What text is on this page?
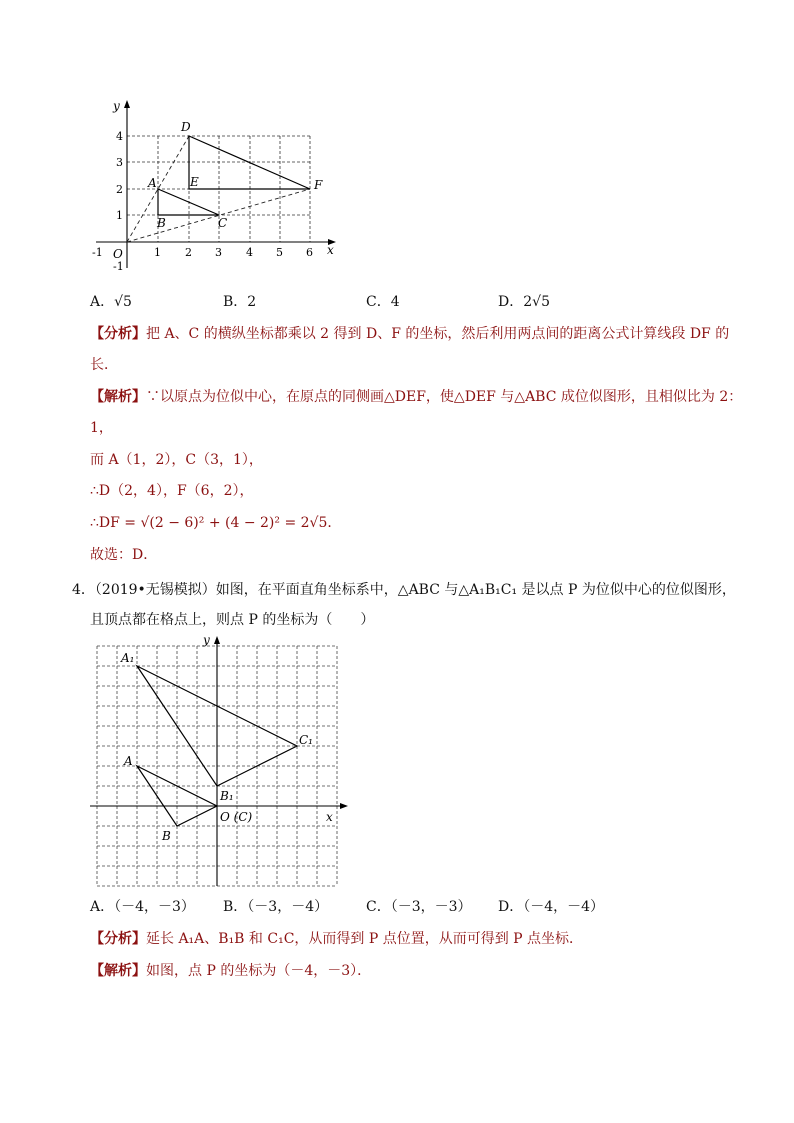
y
x
O
-1	1 2 3 4 5 6
4
3
2
1
-1
D
A	E	F
B	C
A．√5	B．2	C．4	D．2√5
【分析】把 A、C 的横纵坐标都乘以 2 得到 D、F 的坐标，然后利用两点间的距离公式计算线段 DF 的
长．
【解析】∵以原点为位似中心，在原点的同侧画△DEF，使△DEF 与△ABC 成位似图形，且相似比为 2：
1，
而 A（1，2），C（3，1），
∴D（2，4），F（6，2），
∴DF = √(2 − 6)² + (4 − 2)² = 2√5．
故选：D．
4．（2019•无锡模拟）如图，在平面直角坐标系中，△ABC 与△A₁B₁C₁ 是以点 P 为位似中心的位似图形，
且顶点都在格点上，则点 P 的坐标为（　　）
y
x
A₁
C₁
A
B₁
B
O (C)
A．（－4，－3） B．（－3，－4）	C．（－3，－3） D．（－4，－4）
【分析】延长 A₁A、B₁B 和 C₁C，从而得到 P 点位置，从而可得到 P 点坐标．
【解析】如图，点 P 的坐标为（－4，－3）．
